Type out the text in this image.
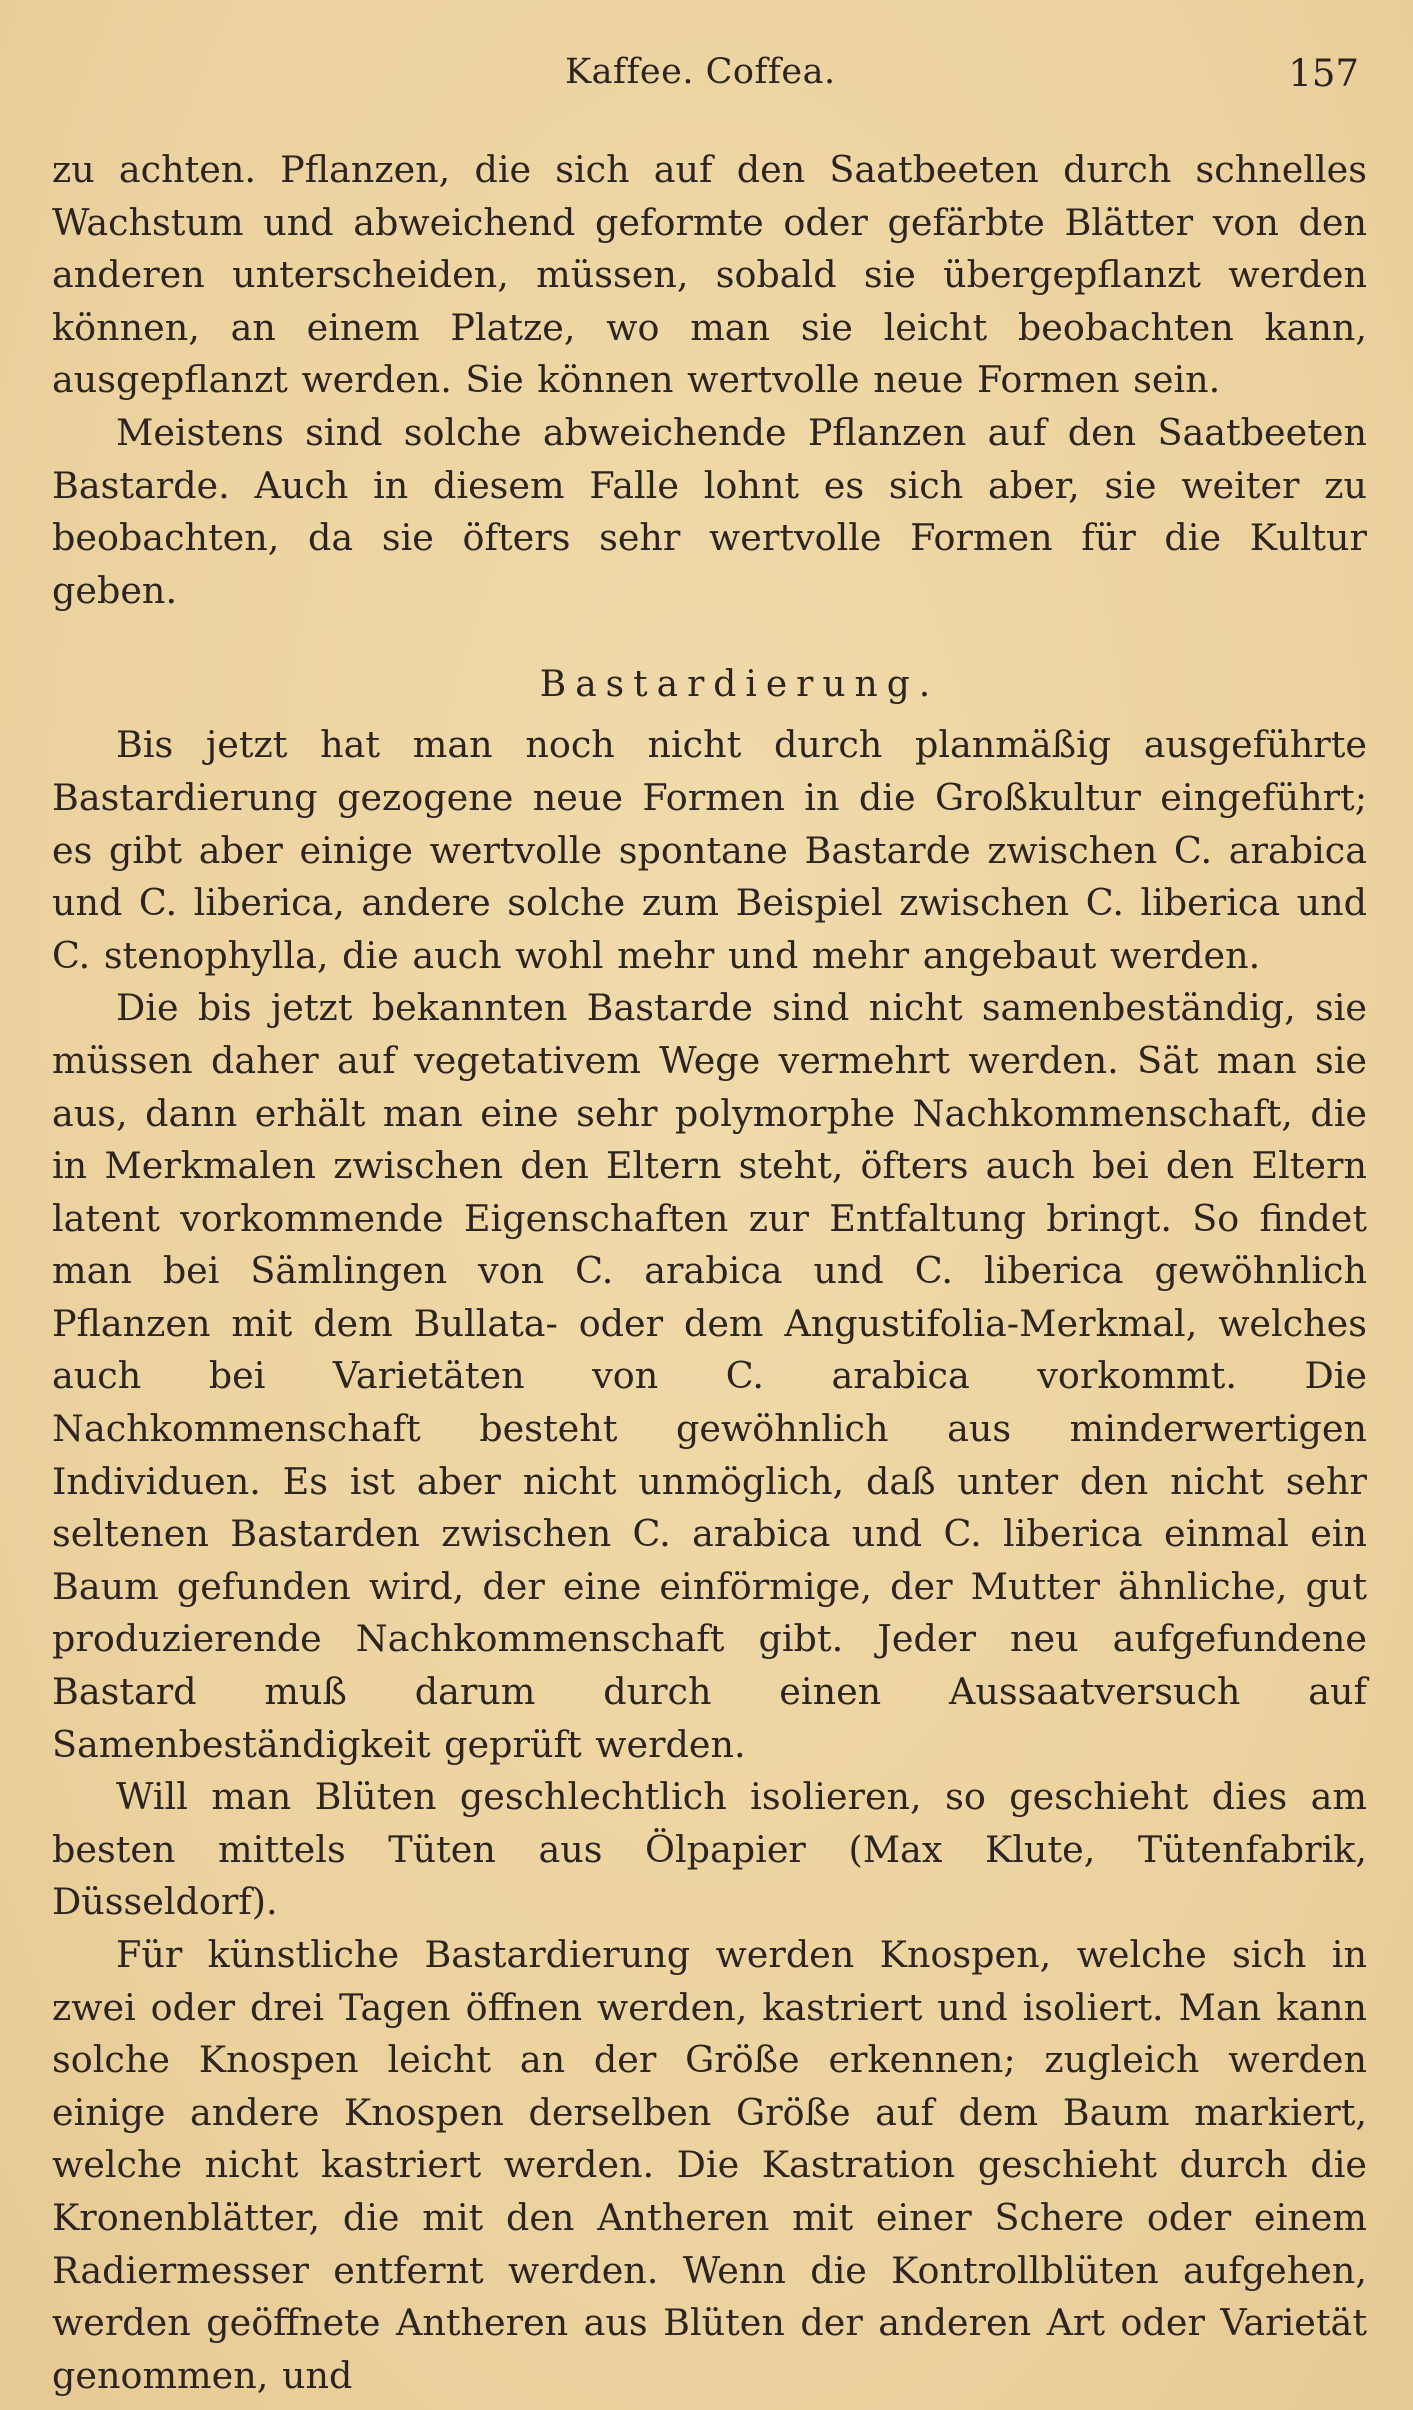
Kaffee. Coffea.	157

zu achten. Pflanzen, die sich auf den Saatbeeten durch schnelles Wachstum und abweichend geformte oder gefärbte Blätter von den anderen unterscheiden, müssen, sobald sie übergepflanzt werden können, an einem Platze, wo man sie leicht beobachten kann, ausgepflanzt werden. Sie können wertvolle neue Formen sein.

Meistens sind solche abweichende Pflanzen auf den Saatbeeten Bastarde. Auch in diesem Falle lohnt es sich aber, sie weiter zu beobachten, da sie öfters sehr wertvolle Formen für die Kultur geben.

Bastardierung.

Bis jetzt hat man noch nicht durch planmäßig ausgeführte Bastardierung gezogene neue Formen in die Großkultur eingeführt; es gibt aber einige wertvolle spontane Bastarde zwischen C. arabica und C. liberica, andere solche zum Beispiel zwischen C. liberica und C. stenophylla, die auch wohl mehr und mehr angebaut werden.

Die bis jetzt bekannten Bastarde sind nicht samenbeständig, sie müssen daher auf vegetativem Wege vermehrt werden. Sät man sie aus, dann erhält man eine sehr polymorphe Nachkommenschaft, die in Merkmalen zwischen den Eltern steht, öfters auch bei den Eltern latent vorkommende Eigenschaften zur Entfaltung bringt. So findet man bei Sämlingen von C. arabica und C. liberica gewöhnlich Pflanzen mit dem Bullata- oder dem Angustifolia-Merkmal, welches auch bei Varietäten von C. arabica vorkommt. Die Nachkommenschaft besteht gewöhnlich aus minderwertigen Individuen. Es ist aber nicht unmöglich, daß unter den nicht sehr seltenen Bastarden zwischen C. arabica und C. liberica einmal ein Baum gefunden wird, der eine einförmige, der Mutter ähnliche, gut produzierende Nachkommenschaft gibt. Jeder neu aufgefundene Bastard muß darum durch einen Aussaatversuch auf Samenbeständigkeit geprüft werden.

Will man Blüten geschlechtlich isolieren, so geschieht dies am besten mittels Tüten aus Ölpapier (Max Klute, Tütenfabrik, Düsseldorf).

Für künstliche Bastardierung werden Knospen, welche sich in zwei oder drei Tagen öffnen werden, kastriert und isoliert. Man kann solche Knospen leicht an der Größe erkennen; zugleich werden einige andere Knospen derselben Größe auf dem Baum markiert, welche nicht kastriert werden. Die Kastration geschieht durch die Kronenblätter, die mit den Antheren mit einer Schere oder einem Radiermesser entfernt werden. Wenn die Kontrollblüten aufgehen, werden geöffnete Antheren aus Blüten der anderen Art oder Varietät genommen, und
